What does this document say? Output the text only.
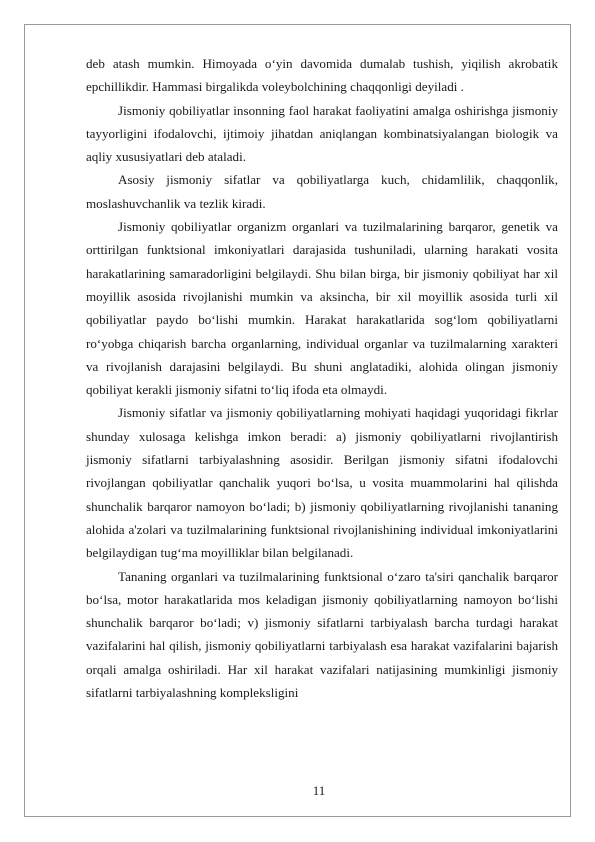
deb atash mumkin. Himoyada o‘yin davomida dumalab tushish, yiqilish akrobatik epchillikdir. Hammasi birgalikda voleybolchining chaqqonligi deyiladi .

Jismoniy qobiliyatlar insonning faol harakat faoliyatini amalga oshirishga jismoniy tayyorligini ifodalovchi, ijtimoiy jihatdan aniqlangan kombinatsiyalangan biologik va aqliy xususiyatlari deb ataladi.

Asosiy jismoniy sifatlar va qobiliyatlarga kuch, chidamlilik, chaqqonlik, moslashuvchanlik va tezlik kiradi.

Jismoniy qobiliyatlar organizm organlari va tuzilmalarining barqaror, genetik va orttirilgan funktsional imkoniyatlari darajasida tushuniladi, ularning harakati vosita harakatlarining samaradorligini belgilaydi. Shu bilan birga, bir jismoniy qobiliyat har xil moyillik asosida rivojlanishi mumkin va aksincha, bir xil moyillik asosida turli xil qobiliyatlar paydo bo‘lishi mumkin. Harakat harakatlarida sog‘lom qobiliyatlarni ro‘yobga chiqarish barcha organlarning, individual organlar va tuzilmalarning xarakteri va rivojlanish darajasini belgilaydi. Bu shuni anglatadiki, alohida olingan jismoniy qobiliyat kerakli jismoniy sifatni to‘liq ifoda eta olmaydi.

Jismoniy sifatlar va jismoniy qobiliyatlarning mohiyati haqidagi yuqoridagi fikrlar shunday xulosaga kelishga imkon beradi: a) jismoniy qobiliyatlarni rivojlantirish jismoniy sifatlarni tarbiyalashning asosidir. Berilgan jismoniy sifatni ifodalovchi rivojlangan qobiliyatlar qanchalik yuqori bo‘lsa, u vosita muammolarini hal qilishda shunchalik barqaror namoyon bo‘ladi; b) jismoniy qobiliyatlarning rivojlanishi tananing alohida a'zolari va tuzilmalarining funktsional rivojlanishining individual imkoniyatlarini belgilaydigan tug‘ma moyilliklar bilan belgilanadi.

Tananing organlari va tuzilmalarining funktsional o‘zaro ta'siri qanchalik barqaror bo‘lsa, motor harakatlarida mos keladigan jismoniy qobiliyatlarning namoyon bo‘lishi shunchalik barqaror bo‘ladi; v) jismoniy sifatlarni tarbiyalash barcha turdagi harakat vazifalarini hal qilish, jismoniy qobiliyatlarni tarbiyalash esa harakat vazifalarini bajarish orqali amalga oshiriladi. Har xil harakat vazifalari natijasining mumkinligi jismoniy sifatlarni tarbiyalashning kompleksligini

11
